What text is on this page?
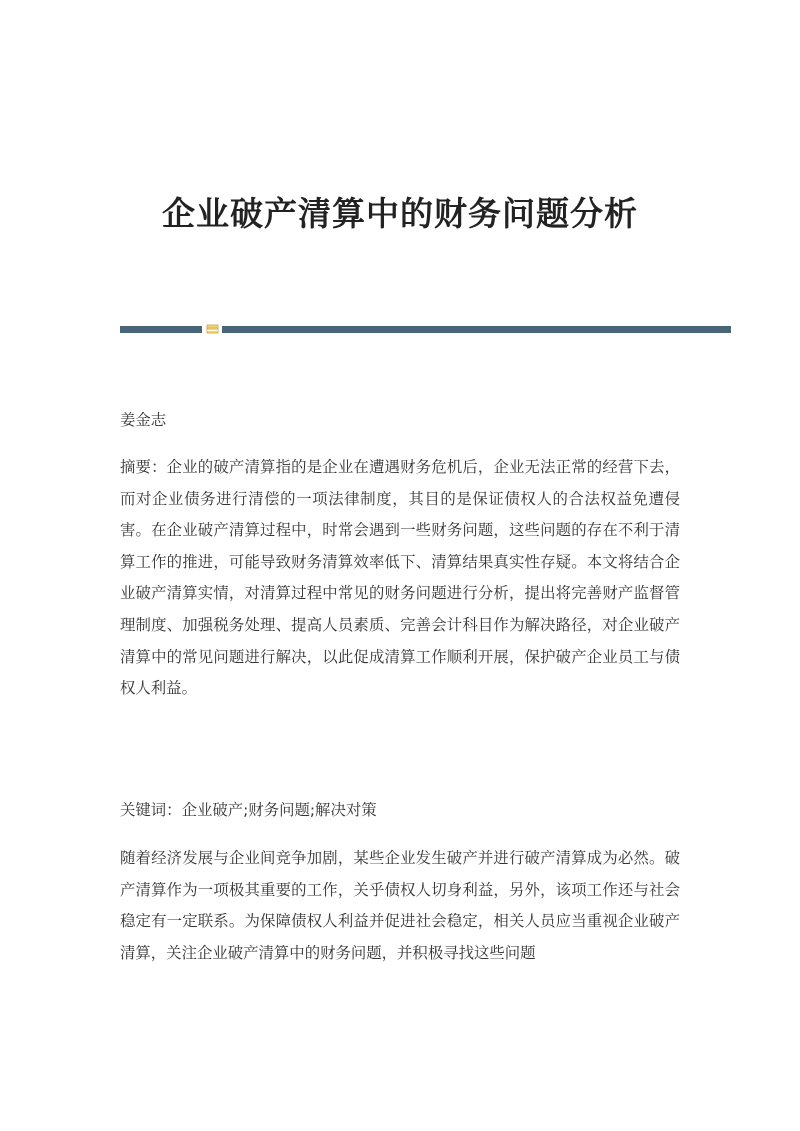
企业破产清算中的财务问题分析

姜金志

摘要：企业的破产清算指的是企业在遭遇财务危机后，企业无法正常的经营下去，而对企业债务进行清偿的一项法律制度，其目的是保证债权人的合法权益免遭侵害。在企业破产清算过程中，时常会遇到一些财务问题，这些问题的存在不利于清算工作的推进，可能导致财务清算效率低下、清算结果真实性存疑。本文将结合企业破产清算实情，对清算过程中常见的财务问题进行分析，提出将完善财产监督管理制度、加强税务处理、提高人员素质、完善会计科目作为解决路径，对企业破产清算中的常见问题进行解决，以此促成清算工作顺利开展，保护破产企业员工与债权人利益。

关键词：企业破产;财务问题;解决对策

随着经济发展与企业间竞争加剧，某些企业发生破产并进行破产清算成为必然。破产清算作为一项极其重要的工作，关乎债权人切身利益，另外，该项工作还与社会稳定有一定联系。为保障债权人利益并促进社会稳定，相关人员应当重视企业破产清算，关注企业破产清算中的财务问题，并积极寻找这些问题
